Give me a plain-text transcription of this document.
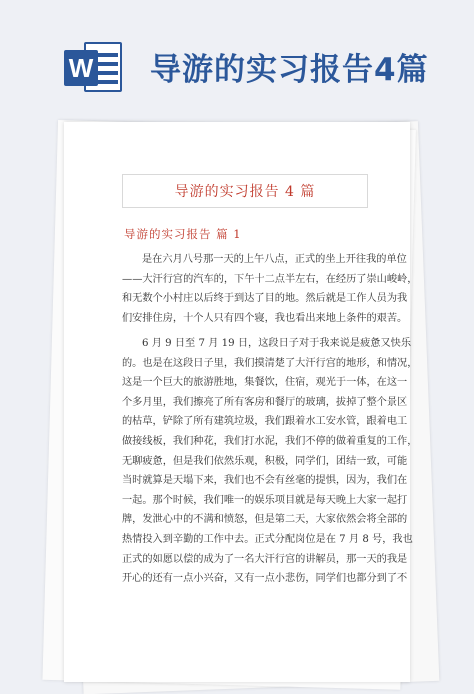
W 导游的实习报告4篇
导游的实习报告 4 篇
导游的实习报告 篇 1
是在六月八号那一天的上午八点，正式的坐上开往我的单位
——大汗行宫的汽车的，下午十二点半左右，在经历了崇山峻岭，
和无数个小村庄以后终于到达了目的地。然后就是工作人员为我
们安排住房，十个人只有四个寝，我也看出来地上条件的艰苦。
6 月 9 日至 7 月 19 日，这段日子对于我来说是疲惫又快乐
的。也是在这段日子里，我们摸清楚了大汗行宫的地形，和情况，
这是一个巨大的旅游胜地，集餐饮，住宿，观光于一体，在这一
个多月里，我们擦亮了所有客房和餐厅的玻璃，拔掉了整个景区
的枯草，铲除了所有建筑垃圾，我们跟着水工安水管，跟着电工
做接线板，我们种花，我们打水泥，我们不停的做着重复的工作，
无聊疲惫，但是我们依然乐观，积极，同学们，团结一致，可能
当时就算是天塌下来，我们也不会有丝毫的提惧，因为，我们在
一起。那个时候，我们唯一的娱乐项目就是每天晚上大家一起打
牌，发泄心中的不满和愤怒，但是第二天，大家依然会将全部的
热情投入到辛勤的工作中去。正式分配岗位是在 7 月 8 号，我也
正式的如愿以偿的成为了一名大汗行宫的讲解员，那一天的我是
开心的还有一点小兴奋，又有一点小悲伤，同学们也都分到了不
